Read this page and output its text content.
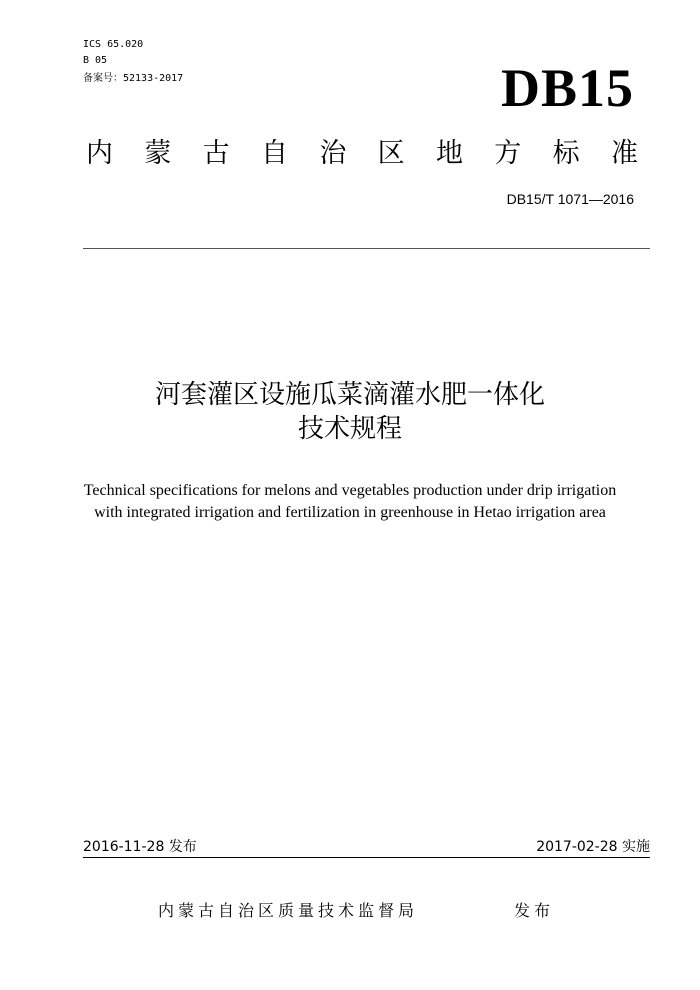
ICS 65.020
B 05
备案号：52133-2017	DB15
内 蒙 古 自 治 区 地 方 标 准
DB15/T 1071—2016
河套灌区设施瓜菜滴灌水肥一体化
技术规程
Technical specifications for melons and vegetables production under drip irrigation
with integrated irrigation and fertilization in greenhouse in Hetao irrigation area
2016-11-28 发布	2017-02-28 实施
内蒙古自治区质量技术监督局	发布
